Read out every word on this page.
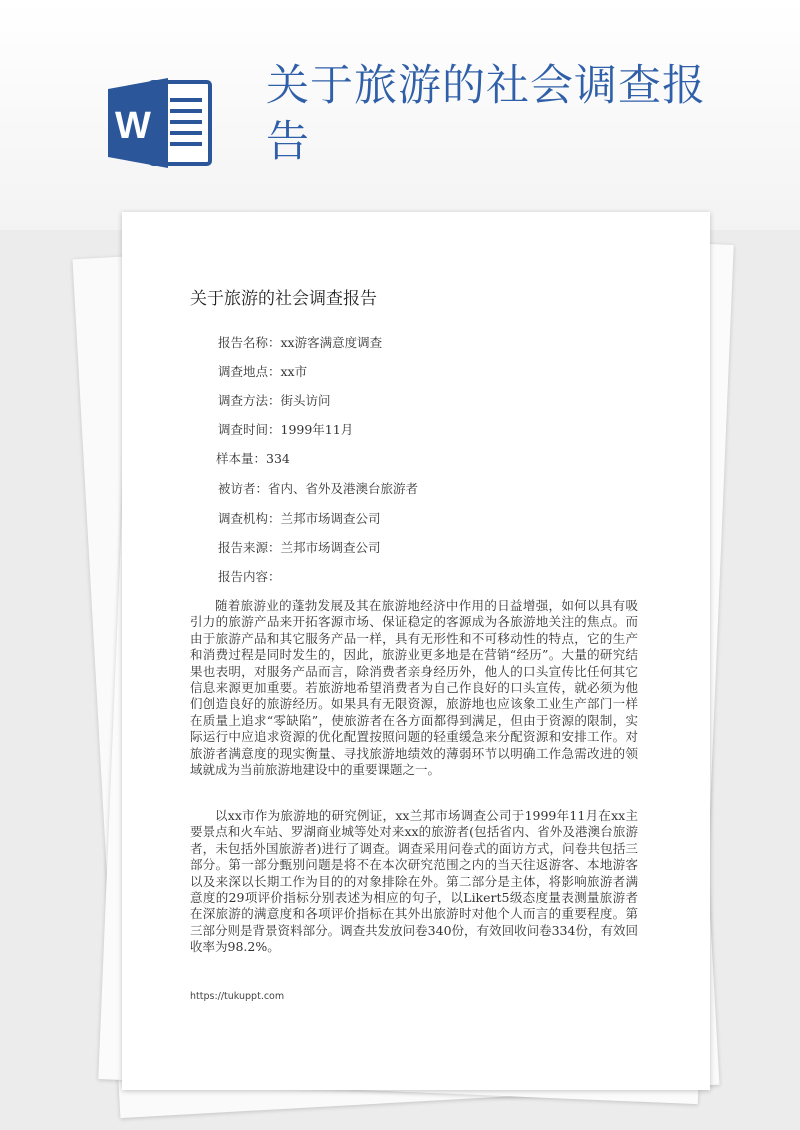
W
关于旅游的社会调查报告
关于旅游的社会调查报告
报告名称：xx游客满意度调查
调查地点：xx市
调查方法：街头访问
调查时间：1999年11月
样本量：334
被访者：省内、省外及港澳台旅游者
调查机构：兰邦市场调查公司
报告来源：兰邦市场调查公司
报告内容：

随着旅游业的蓬勃发展及其在旅游地经济中作用的日益增强，如何以具有吸引力的旅游产品来开拓客源市场、保证稳定的客源成为各旅游地关注的焦点。而由于旅游产品和其它服务产品一样，具有无形性和不可移动性的特点，它的生产和消费过程是同时发生的，因此，旅游业更多地是在营销“经历”。大量的研究结果也表明，对服务产品而言，除消费者亲身经历外，他人的口头宣传比任何其它信息来源更加重要。若旅游地希望消费者为自己作良好的口头宣传，就必须为他们创造良好的旅游经历。如果具有无限资源，旅游地也应该象工业生产部门一样在质量上追求“零缺陷”，使旅游者在各方面都得到满足，但由于资源的限制，实际运行中应追求资源的优化配置按照问题的轻重缓急来分配资源和安排工作。对旅游者满意度的现实衡量、寻找旅游地绩效的薄弱环节以明确工作急需改进的领域就成为当前旅游地建设中的重要课题之一。

以xx市作为旅游地的研究例证，xx兰邦市场调查公司于1999年11月在xx主要景点和火车站、罗湖商业城等处对来xx的旅游者(包括省内、省外及港澳台旅游者，未包括外国旅游者)进行了调查。调查采用问卷式的面访方式，问卷共包括三部分。第一部分甄别问题是将不在本次研究范围之内的当天往返游客、本地游客以及来深以长期工作为目的的对象排除在外。第二部分是主体，将影响旅游者满意度的29项评价指标分别表述为相应的句子，以Likert5级态度量表测量旅游者在深旅游的满意度和各项评价指标在其外出旅游时对他个人而言的重要程度。第三部分则是背景资料部分。调查共发放问卷340份，有效回收问卷334份，有效回收率为98.2%。

https://tukuppt.com
